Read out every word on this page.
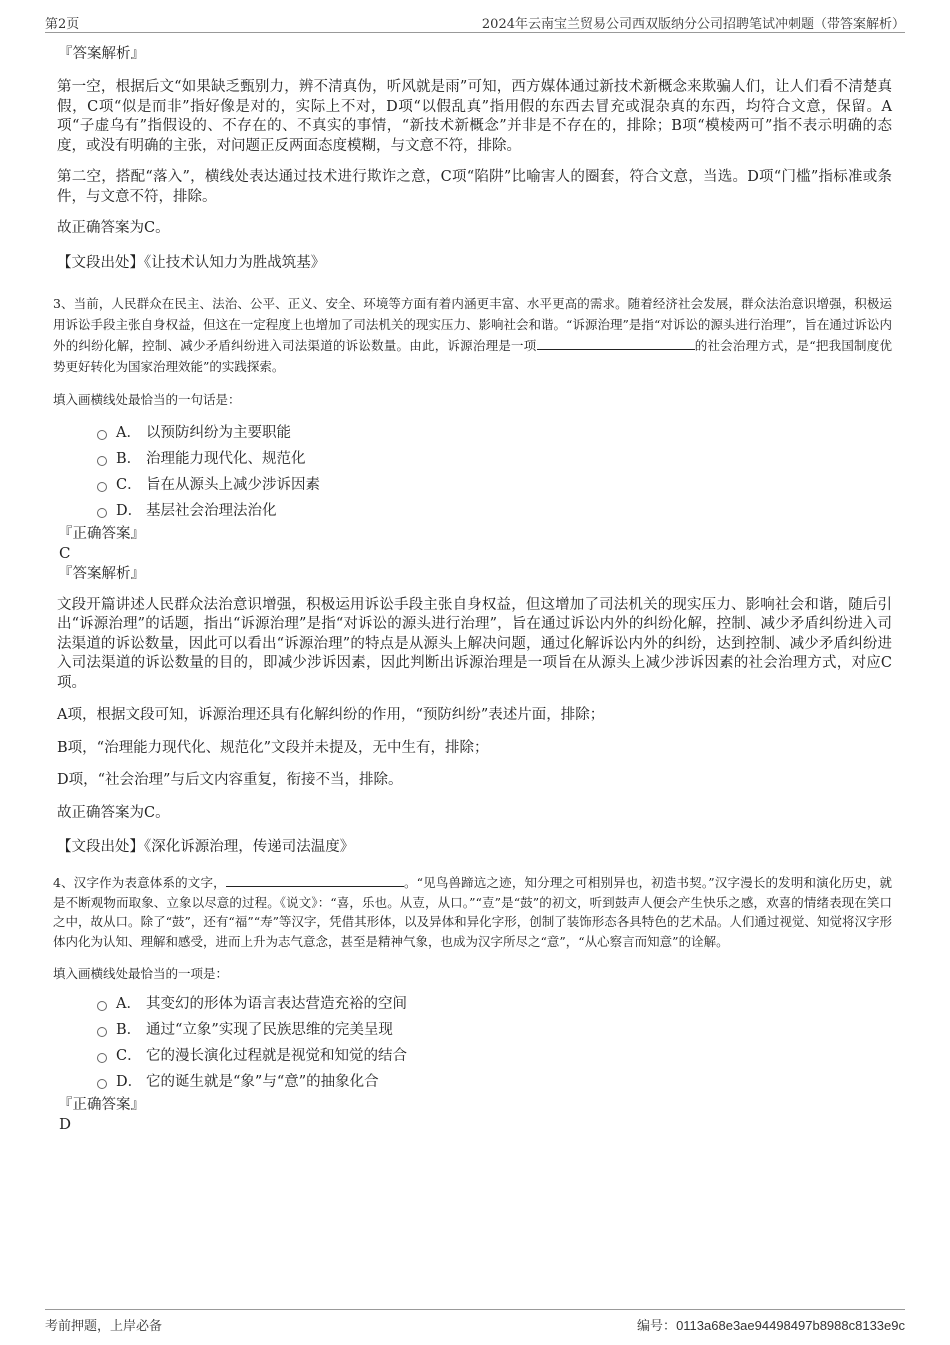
第2页	2024年云南宝兰贸易公司西双版纳分公司招聘笔试冲刺题（带答案解析）

『答案解析』

第一空，根据后文“如果缺乏甄别力，辨不清真伪，听风就是雨”可知，西方媒体通过新技术新概念来欺骗人们，让人们看不清楚真假，C项“似是而非”指好像是对的，实际上不对，D项“以假乱真”指用假的东西去冒充或混杂真的东西，均符合文意，保留。A项“子虚乌有”指假设的、不存在的、不真实的事情，“新技术新概念”并非是不存在的，排除；B项“模棱两可”指不表示明确的态度，或没有明确的主张，对问题正反两面态度模糊，与文意不符，排除。

第二空，搭配“落入”，横线处表达通过技术进行欺诈之意，C项“陷阱”比喻害人的圈套，符合文意，当选。D项“门槛”指标准或条件，与文意不符，排除。

故正确答案为C。

【文段出处】《让技术认知力为胜战筑基》

3、当前，人民群众在民主、法治、公平、正义、安全、环境等方面有着内涵更丰富、水平更高的需求。随着经济社会发展，群众法治意识增强，积极运用诉讼手段主张自身权益，但这在一定程度上也增加了司法机关的现实压力、影响社会和谐。“诉源治理”是指“对诉讼的源头进行治理”，旨在通过诉讼内外的纠纷化解，控制、减少矛盾纠纷进入司法渠道的诉讼数量。由此，诉源治理是一项	的社会治理方式，是“把我国制度优势更好转化为国家治理效能”的实践探索。

填入画横线处最恰当的一句话是：

A． 以预防纠纷为主要职能
B． 治理能力现代化、规范化
C． 旨在从源头上减少涉诉因素
D． 基层社会治理法治化

『正确答案』

C

『答案解析』

文段开篇讲述人民群众法治意识增强，积极运用诉讼手段主张自身权益，但这增加了司法机关的现实压力、影响社会和谐，随后引出“诉源治理”的话题，指出“诉源治理”是指“对诉讼的源头进行治理”，旨在通过诉讼内外的纠纷化解，控制、减少矛盾纠纷进入司法渠道的诉讼数量，因此可以看出“诉源治理”的特点是从源头上解决问题，通过化解诉讼内外的纠纷，达到控制、减少矛盾纠纷进入司法渠道的诉讼数量的目的，即减少涉诉因素，因此判断出诉源治理是一项旨在从源头上减少涉诉因素的社会治理方式，对应C项。

A项，根据文段可知，诉源治理还具有化解纠纷的作用，“预防纠纷”表述片面，排除；

B项，“治理能力现代化、规范化”文段并未提及，无中生有，排除；

D项，“社会治理”与后文内容重复，衔接不当，排除。

故正确答案为C。

【文段出处】《深化诉源治理，传递司法温度》

4、汉字作为表意体系的文字，	。“见鸟兽蹄迒之迹，知分理之可相别异也，初造书契。”汉字漫长的发明和演化历史，就是不断观物而取象、立象以尽意的过程。《说文》：“喜，乐也。从壴，从口。”“壴”是“鼓”的初文，听到鼓声人便会产生快乐之感，欢喜的情绪表现在笑口之中，故从口。除了“鼓”，还有“福”“寿”等汉字，凭借其形体，以及异体和异化字形，创制了装饰形态各具特色的艺术品。人们通过视觉、知觉将汉字形体内化为认知、理解和感受，进而上升为志气意念，甚至是精神气象，也成为汉字所尽之“意”，“从心察言而知意”的诠解。

填入画横线处最恰当的一项是：

A． 其变幻的形体为语言表达营造充裕的空间
B． 通过“立象”实现了民族思维的完美呈现
C． 它的漫长演化过程就是视觉和知觉的结合
D． 它的诞生就是“象”与“意”的抽象化合

『正确答案』

D

考前押题，上岸必备	编号：0113a68e3ae94498497b8988c8133e9c
